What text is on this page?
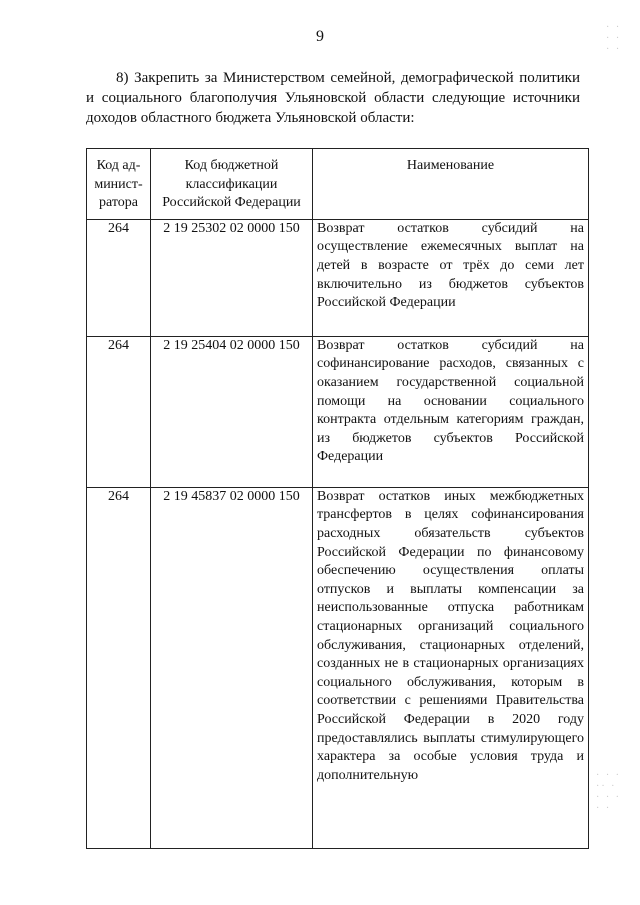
9
8) Закрепить за Министерством семейной, демографической политики и социального благополучия Ульяновской области следующие источники доходов областного бюджета Ульяновской области:
Код ад-
минист-
ратора	Код бюджетной
классификации
Российской Федерации	Наименование
264	2 19 25302 02 0000 150	Возврат остатков субсидий на осуществление ежемесячных выплат на детей в возрасте от трёх до семи лет включительно из бюджетов субъектов Российской Федерации
264	2 19 25404 02 0000 150	Возврат остатков субсидий на софинансирование расходов, связанных с оказанием государственной социальной помощи на основании социального контракта отдельным категориям граждан, из бюджетов субъектов Российской Федерации
264	2 19 45837 02 0000 150	Возврат остатков иных межбюджетных трансфертов в целях софинансирования расходных обязательств субъектов Российской Федерации по финансовому обеспечению осуществления оплаты отпусков и выплаты компенсации за неиспользованные отпуска работникам стационарных организаций социального обслуживания, стационарных отделений, созданных не в стационарных организациях социального обслуживания, которым в соответствии с решениями Правительства Российской Федерации в 2020 году предоставлялись выплаты стимулирующего характера за особые условия труда и дополнительную
· ·
· ·
· ·
· · ·
·· ·
· · ·
· ·
